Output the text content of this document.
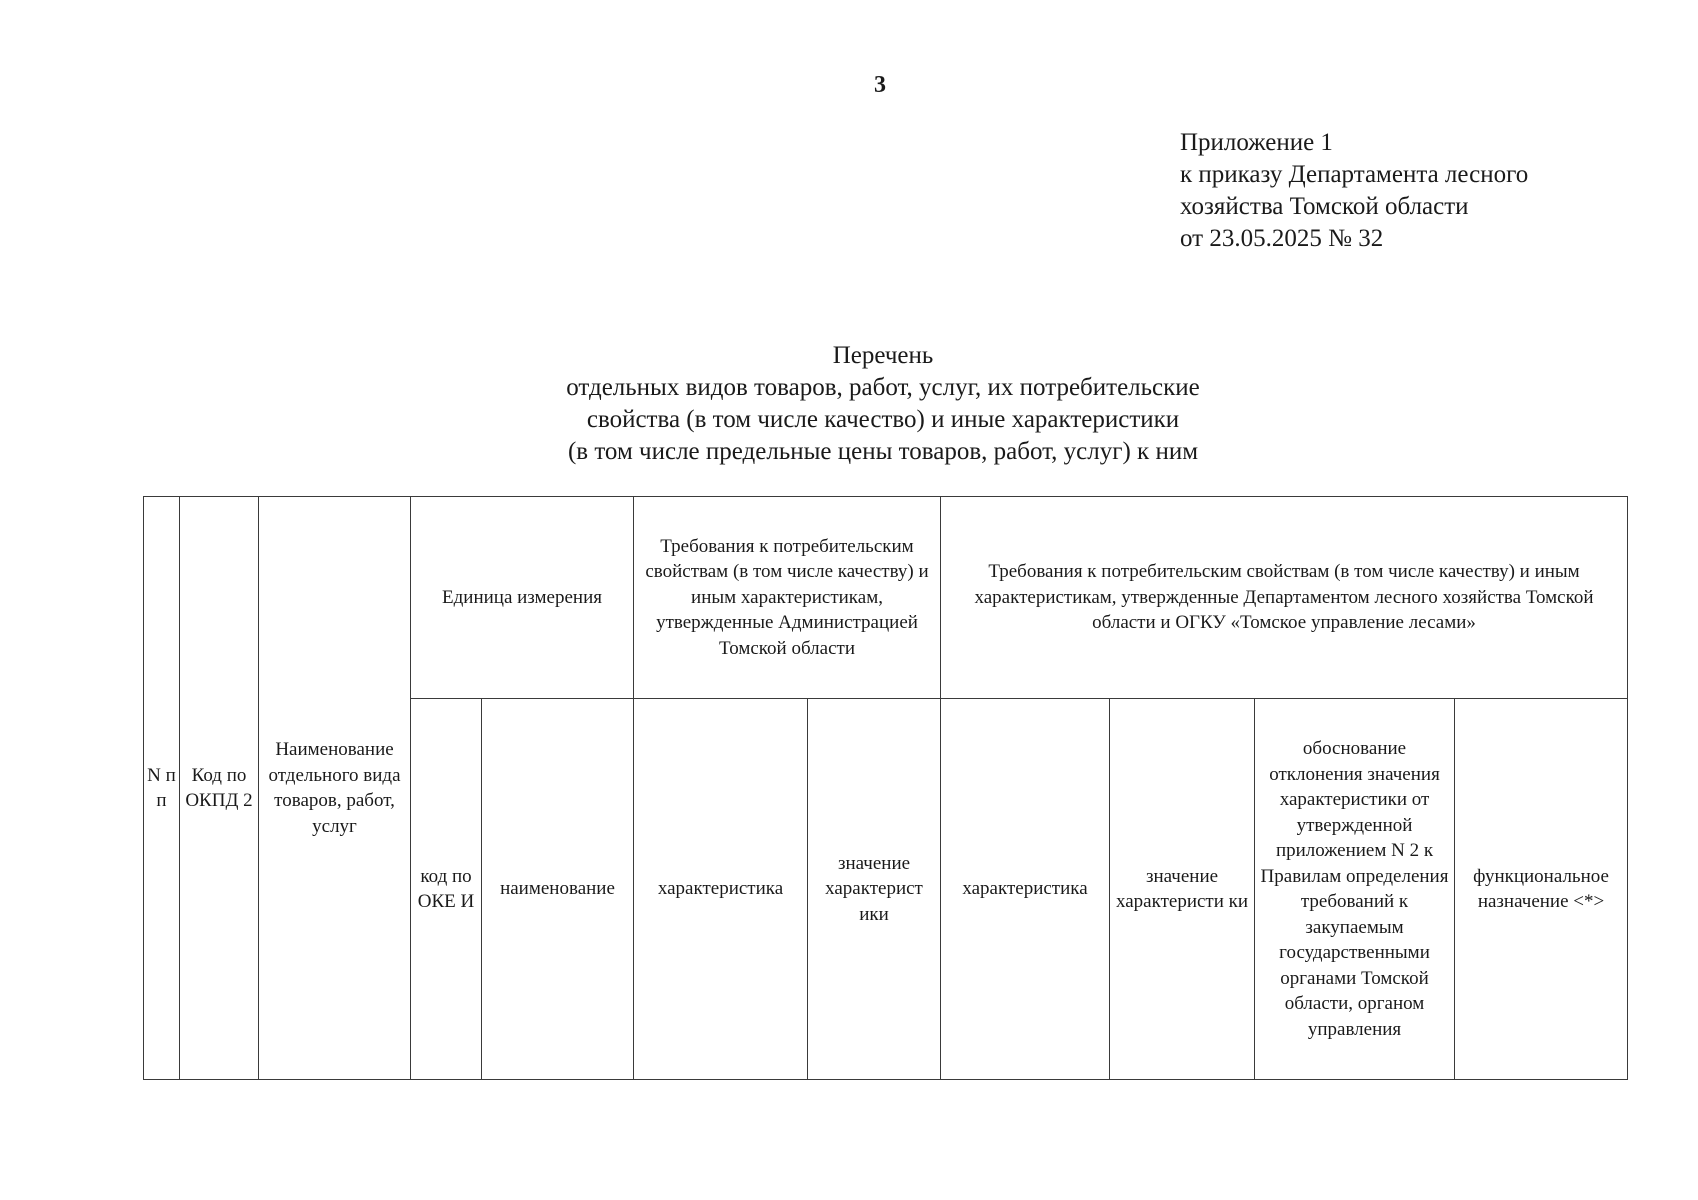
3
Приложение 1
к приказу Департамента лесного
хозяйства Томской области
от 23.05.2025 № 32
Перечень
отдельных видов товаров, работ, услуг, их потребительские
свойства (в том числе качество) и иные характеристики
(в том числе предельные цены товаров, работ, услуг) к ним
N п п	Код по ОКПД 2	Наименование отдельного вида товаров, работ, услуг	Единица измерения		Требования к потребительским свойствам (в том числе качеству) и иным характеристикам, утвержденные Администрацией Томской области		Требования к потребительским свойствам (в том числе качеству) и иным характеристикам, утвержденные Департаментом лесного хозяйства Томской области и ОГКУ «Томское управление лесами»			
			код по ОКЕ И	наименование	характеристика	значение характерист ики	характеристика	значение характеристи ки	обоснование отклонения значения характеристики от утвержденной приложением N 2 к Правилам определения требований к закупаемым государственными органами Томской области, органом управления	функциональное назначение <*>
